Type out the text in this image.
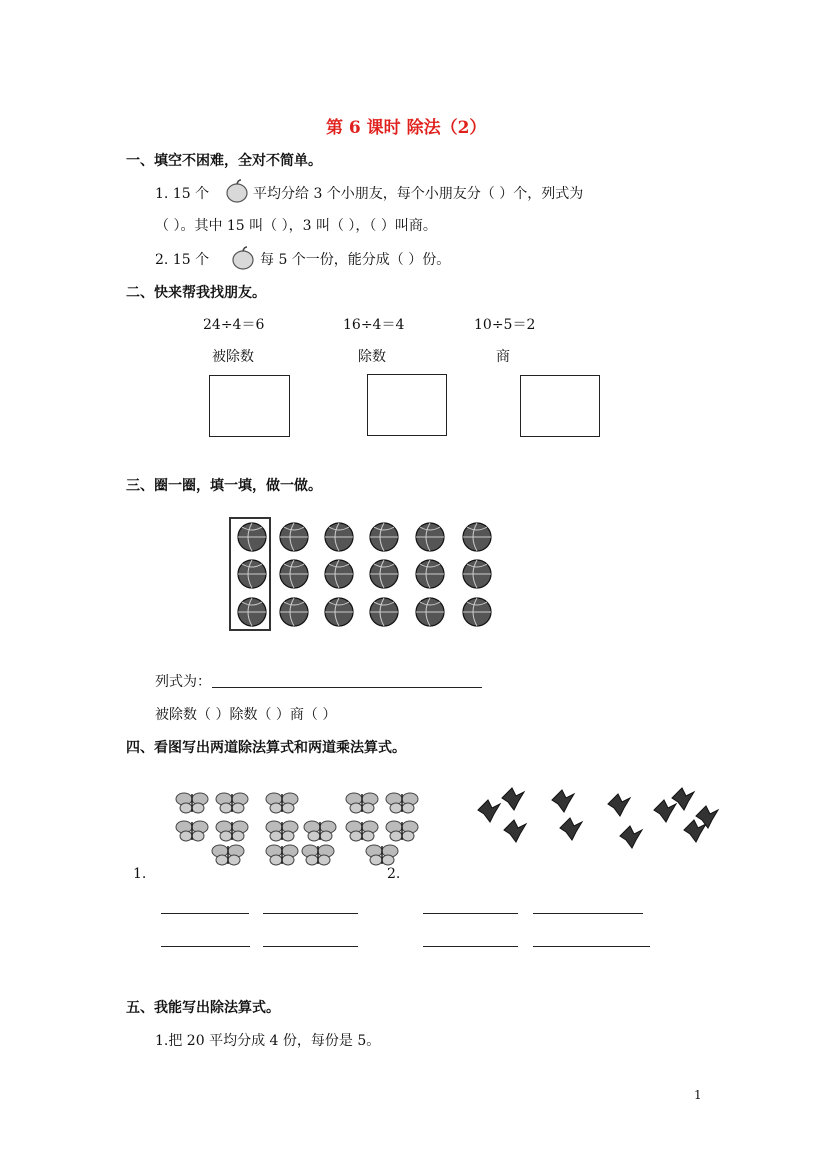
第 6 课时 除法（2）
一、填空不困难，全对不简单。
1. 15 个	平均分给 3 个小朋友，每个小朋友分（ ）个，列式为
（ ）。其中 15 叫（ ），3 叫（ ），（ ）叫商。
2. 15 个	每 5 个一份，能分成（ ）份。
二、快来帮我找朋友。
24÷4＝6	16÷4＝4	10÷5＝2
被除数	除数	商
三、圈一圈，填一填，做一做。
列式为：
被除数（ ）除数（ ）商（ ）
四、看图写出两道除法算式和两道乘法算式。
1.	2.
五、我能写出除法算式。
1.把 20 平均分成 4 份，每份是 5。
1
